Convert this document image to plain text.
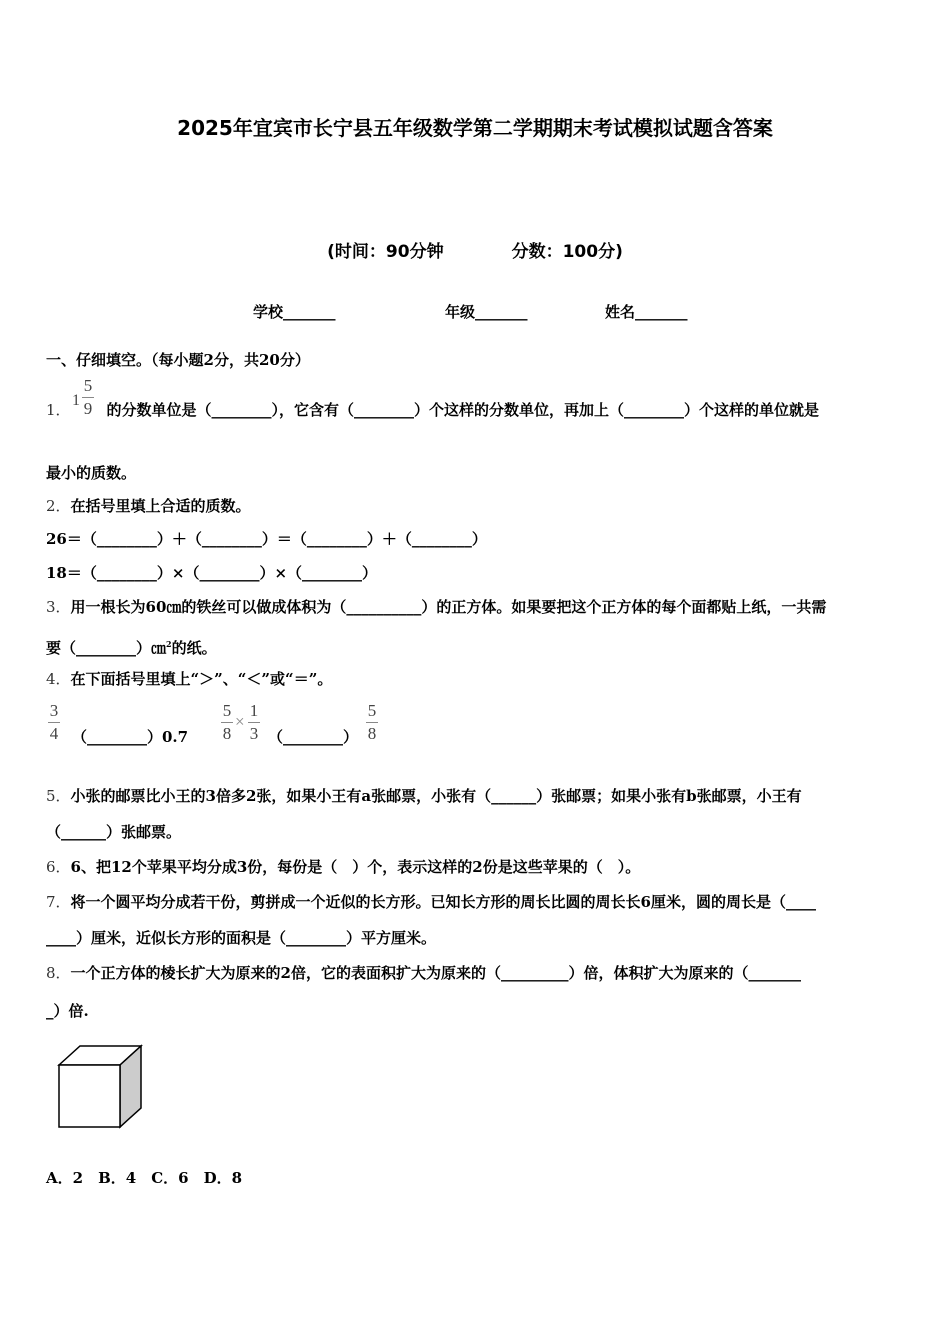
2025年宜宾市长宁县五年级数学第二学期期末考试模拟试题含答案
(时间：90分钟　　　　分数：100分)
学校_______	年级_______	姓名_______
一、仔细填空。（每小题2分，共20分）
1． 的分数单位是（________），它含有（________）个这样的分数单位，再加上（________）个这样的单位就是
1
5
9
最小的质数。
2．在括号里填上合适的质数。
26＝（________）＋（________）＝（________）＋（________）
18＝（________）×（________）×（________）
3．用一根长为60㎝的铁丝可以做成体积为（__________）的正方体。如果要把这个正方体的每个面都贴上纸，一共需
要（________）㎝$^2$的纸。
4．在下面括号里填上“＞”、“＜”或“＝”。
3
4 （________）0.7
5
8
×
1
3 （________）
5
8
5．小张的邮票比小王的3倍多2张，如果小王有a张邮票，小张有（______）张邮票；如果小张有b张邮票，小王有
（______）张邮票。
6．6、把12个苹果平均分成3份，每份是（　）个，表示这样的2份是这些苹果的（　）。
7．将一个圆平均分成若干份，剪拼成一个近似的长方形。已知长方形的周长比圆的周长长6厘米，圆的周长是（____
____）厘米，近似长方形的面积是（________）平方厘米。
8．一个正方体的棱长扩大为原来的2倍，它的表面积扩大为原来的（_________）倍，体积扩大为原来的（_______
_）倍.
A．2　B．4　C．6　D．8
